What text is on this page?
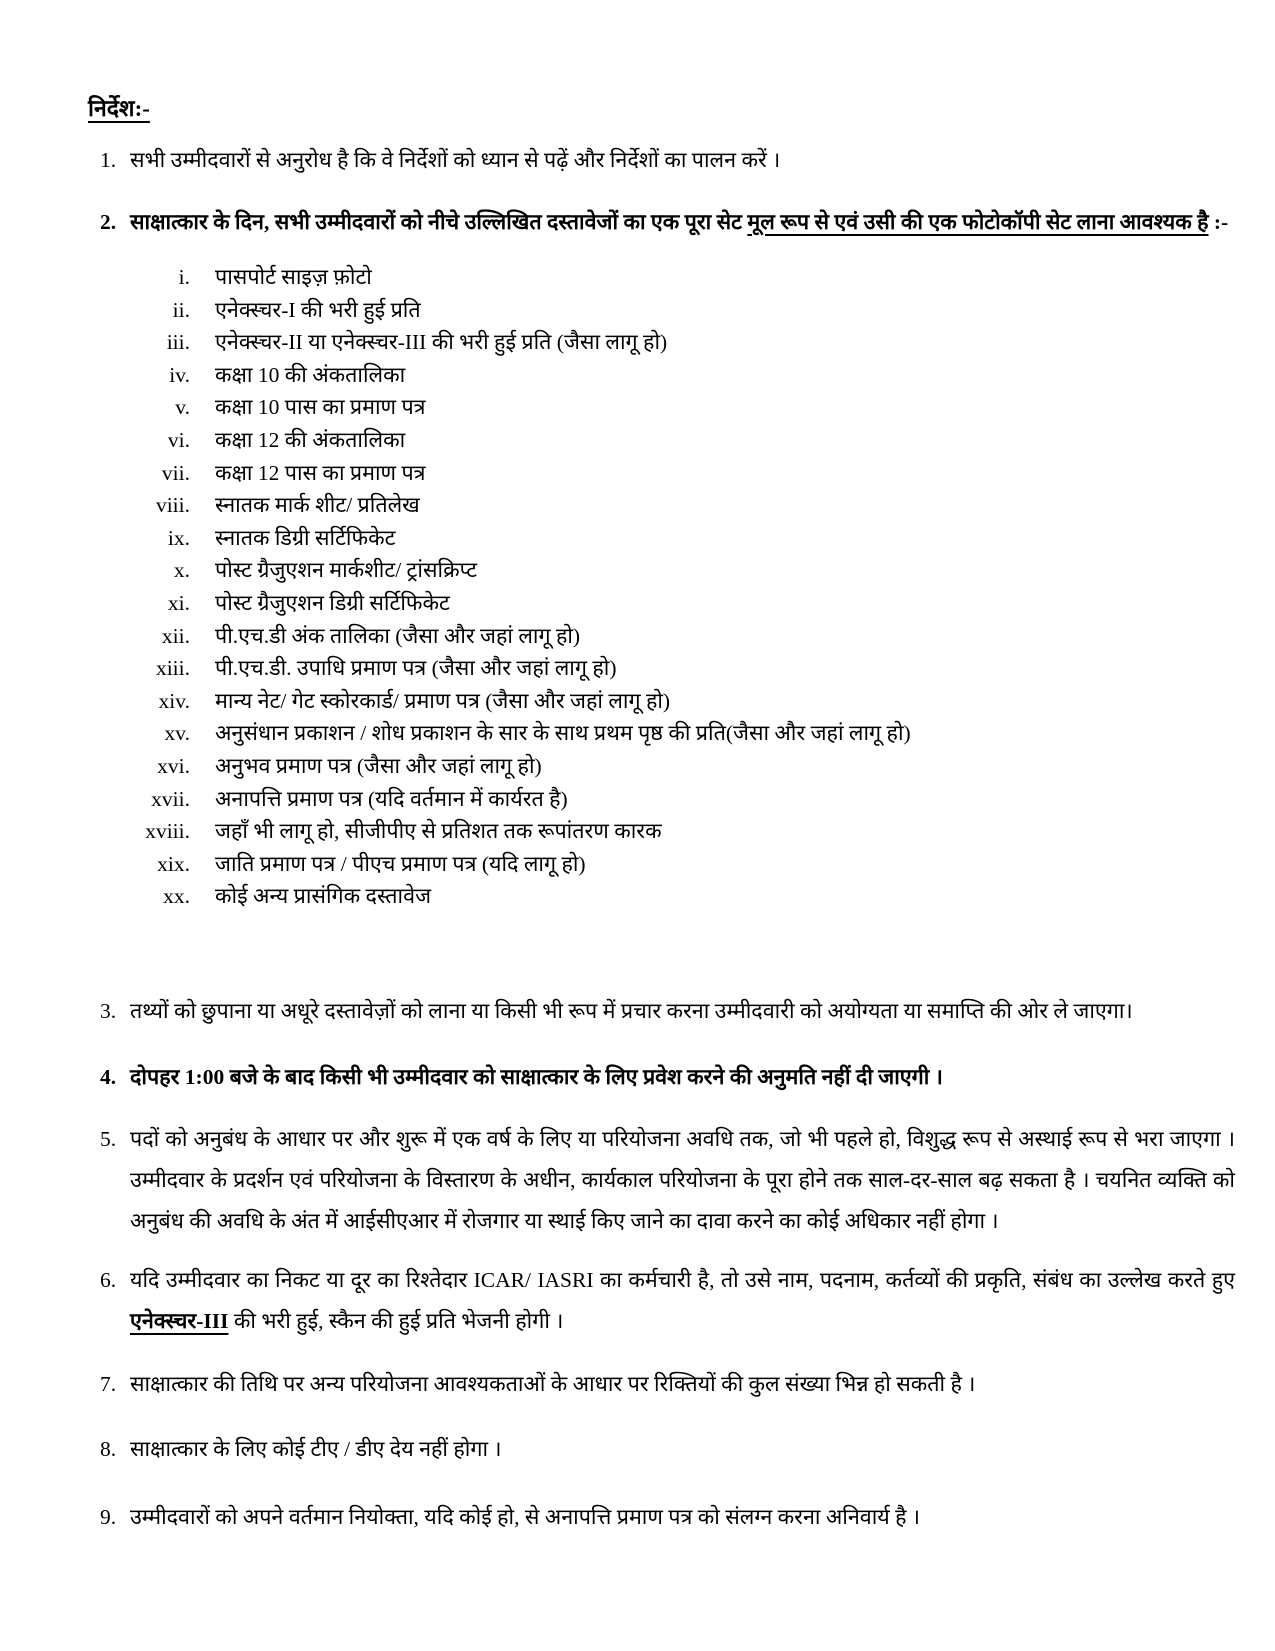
निर्देश:-
1. सभी उम्मीदवारों से अनुरोध है कि वे निर्देशों को ध्यान से पढ़ें और निर्देशों का पालन करें ।

2. साक्षात्कार के दिन, सभी उम्मीदवारों को नीचे उल्लिखित दस्तावेजों का एक पूरा सेट मूल रूप से एवं उसी की एक फोटोकॉपी सेट लाना आवश्यक है :-

i. पासपोर्ट साइज़ फ़ोटो
ii. एनेक्स्चर-I की भरी हुई प्रति
iii. एनेक्स्चर-II या एनेक्स्चर-III की भरी हुई प्रति (जैसा लागू हो)
iv. कक्षा 10 की अंकतालिका
v. कक्षा 10 पास का प्रमाण पत्र
vi. कक्षा 12 की अंकतालिका
vii. कक्षा 12 पास का प्रमाण पत्र
viii. स्नातक मार्क शीट/ प्रतिलेख
ix. स्नातक डिग्री सर्टिफिकेट
x. पोस्ट ग्रैजुएशन मार्कशीट/ ट्रांसक्रिप्ट
xi. पोस्ट ग्रैजुएशन डिग्री सर्टिफिकेट
xii. पी.एच.डी अंक तालिका (जैसा और जहां लागू हो)
xiii. पी.एच.डी. उपाधि प्रमाण पत्र (जैसा और जहां लागू हो)
xiv. मान्य नेट/ गेट स्कोरकार्ड/ प्रमाण पत्र (जैसा और जहां लागू हो)
xv. अनुसंधान प्रकाशन / शोध प्रकाशन के सार के साथ प्रथम पृष्ठ की प्रति(जैसा और जहां लागू हो)
xvi. अनुभव प्रमाण पत्र (जैसा और जहां लागू हो)
xvii. अनापत्ति प्रमाण पत्र (यदि वर्तमान में कार्यरत है)
xviii. जहाँ भी लागू हो, सीजीपीए से प्रतिशत तक रूपांतरण कारक
xix. जाति प्रमाण पत्र / पीएच प्रमाण पत्र (यदि लागू हो)
xx. कोई अन्य प्रासंगिक दस्तावेज
3. तथ्यों को छुपाना या अधूरे दस्तावेज़ों को लाना या किसी भी रूप में प्रचार करना उम्मीदवारी को अयोग्यता या समाप्ति की ओर ले जाएगा।

4. दोपहर 1:00 बजे के बाद किसी भी उम्मीदवार को साक्षात्कार के लिए प्रवेश करने की अनुमति नहीं दी जाएगी ।

5. पदों को अनुबंध के आधार पर और शुरू में एक वर्ष के लिए या परियोजना अवधि तक, जो भी पहले हो, विशुद्ध रूप से अस्थाई रूप से भरा जाएगा । उम्मीदवार के प्रदर्शन एवं परियोजना के विस्तारण के अधीन, कार्यकाल परियोजना के पूरा होने तक साल-दर-साल बढ़ सकता है । चयनित व्यक्ति को अनुबंध की अवधि के अंत में आईसीएआर में रोजगार या स्थाई किए जाने का दावा करने का कोई अधिकार नहीं होगा ।

6. यदि उम्मीदवार का निकट या दूर का रिश्तेदार ICAR/ IASRI का कर्मचारी है, तो उसे नाम, पदनाम, कर्तव्यों की प्रकृति, संबंध का उल्लेख करते हुए एनेक्स्चर-III की भरी हुई, स्कैन की हुई प्रति भेजनी होगी ।

7. साक्षात्कार की तिथि पर अन्य परियोजना आवश्यकताओं के आधार पर रिक्तियों की कुल संख्या भिन्न हो सकती है ।

8. साक्षात्कार के लिए कोई टीए / डीए देय नहीं होगा ।

9. उम्मीदवारों को अपने वर्तमान नियोक्ता, यदि कोई हो, से अनापत्ति प्रमाण पत्र को संलग्न करना अनिवार्य है ।
